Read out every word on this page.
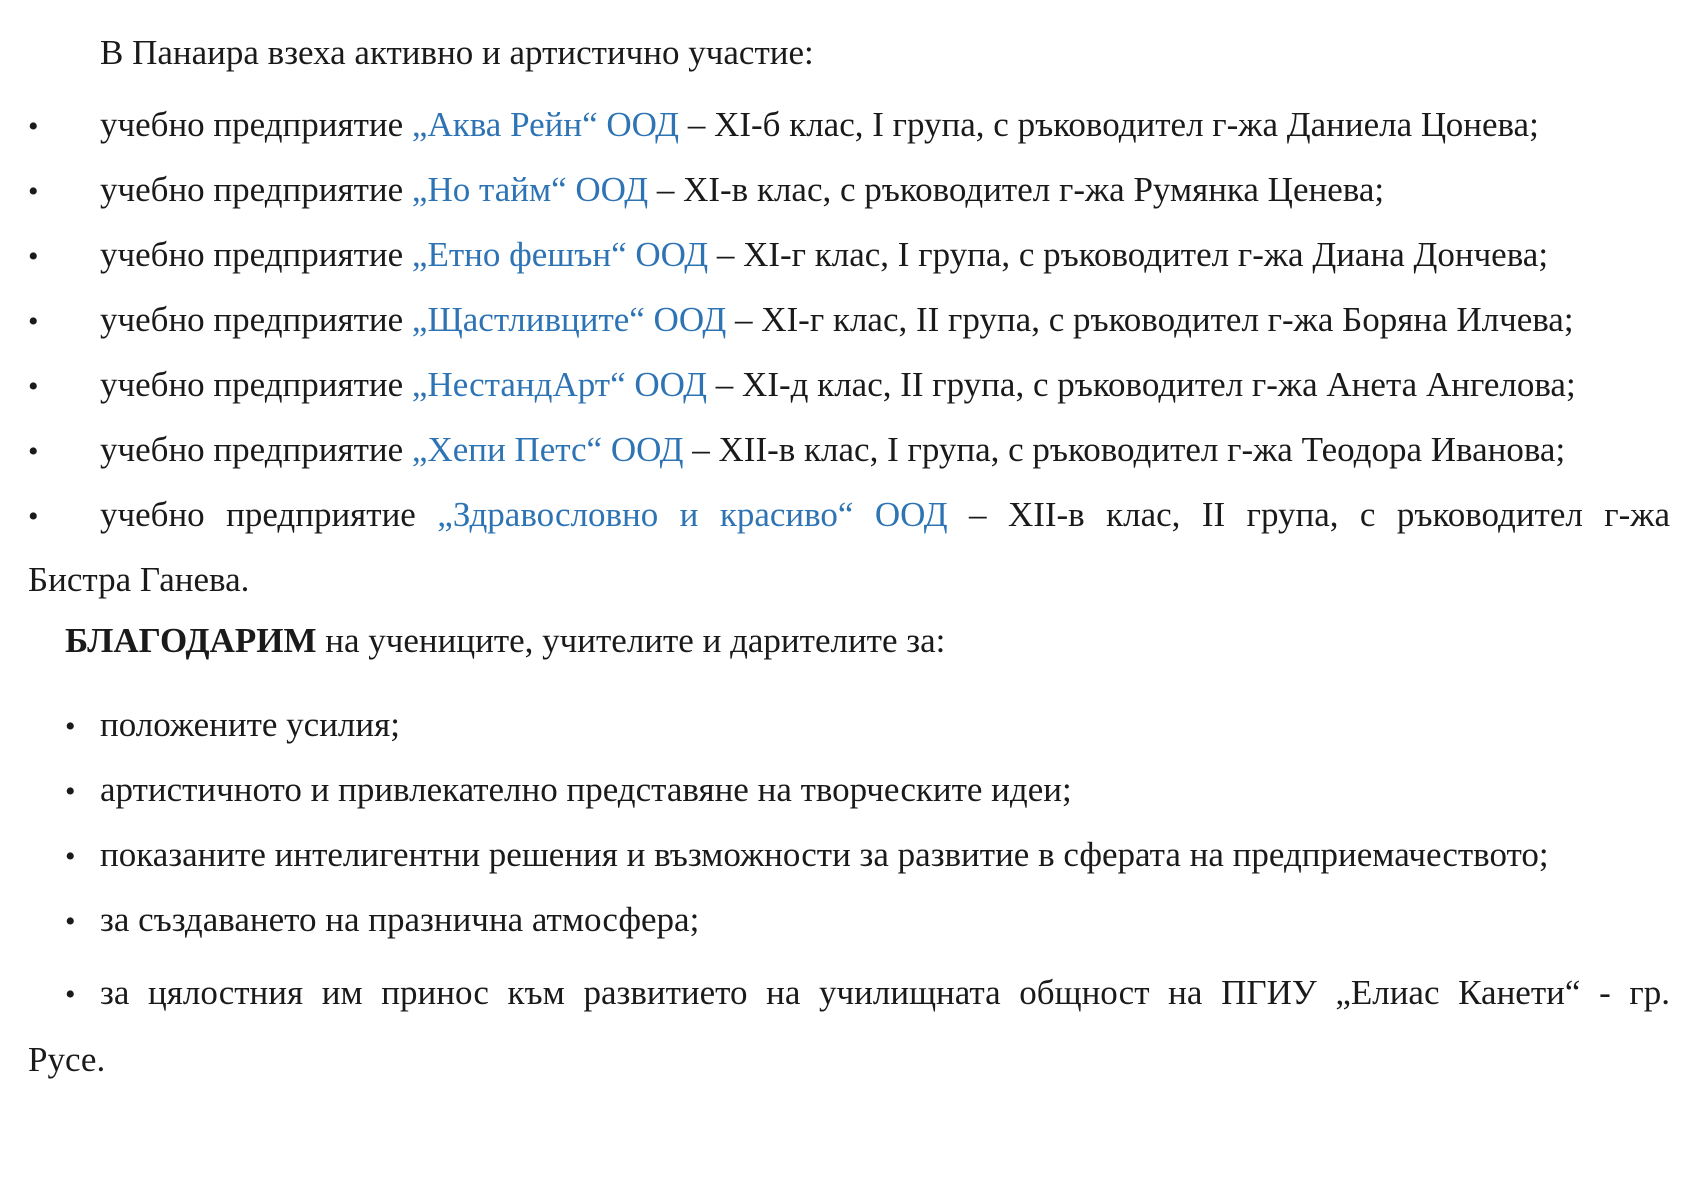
В Панаира взеха активно и артистично участие:
• учебно предприятие „Аква Рейн“ ООД – XI-б клас, I група, с ръководител г-жа Даниела Цонева;
• учебно предприятие „Но тайм“ ООД – XI-в клас, с ръководител г-жа Румянка Ценева;
• учебно предприятие „Етно фешън“ ООД – XI-г клас, I група, с ръководител г-жа Диана Дончева;
• учебно предприятие „Щастливците“ ООД – XI-г клас, II група, с ръководител г-жа Боряна Илчева;
• учебно предприятие „НестандАрт“ ООД – XI-д клас, II група, с ръководител г-жа Анета Ангелова;
• учебно предприятие „Хепи Петс“ ООД – XII-в клас, I група, с ръководител г-жа Теодора Иванова;
• учебно предприятие „Здравословно и красиво“ ООД – XII-в клас, II група, с ръководител г-жа
Бистра Ганева.
БЛАГОДАРИМ на учениците, учителите и дарителите за:
• положените усилия;
• артистичното и привлекателно представяне на творческите идеи;
• показаните интелигентни решения и възможности за развитие в сферата на предприемачеството;
• за създаването на празнична атмосфера;
• за цялостния им принос към развитието на училищната общност на ПГИУ „Елиас Канети“ - гр.
Русе.
